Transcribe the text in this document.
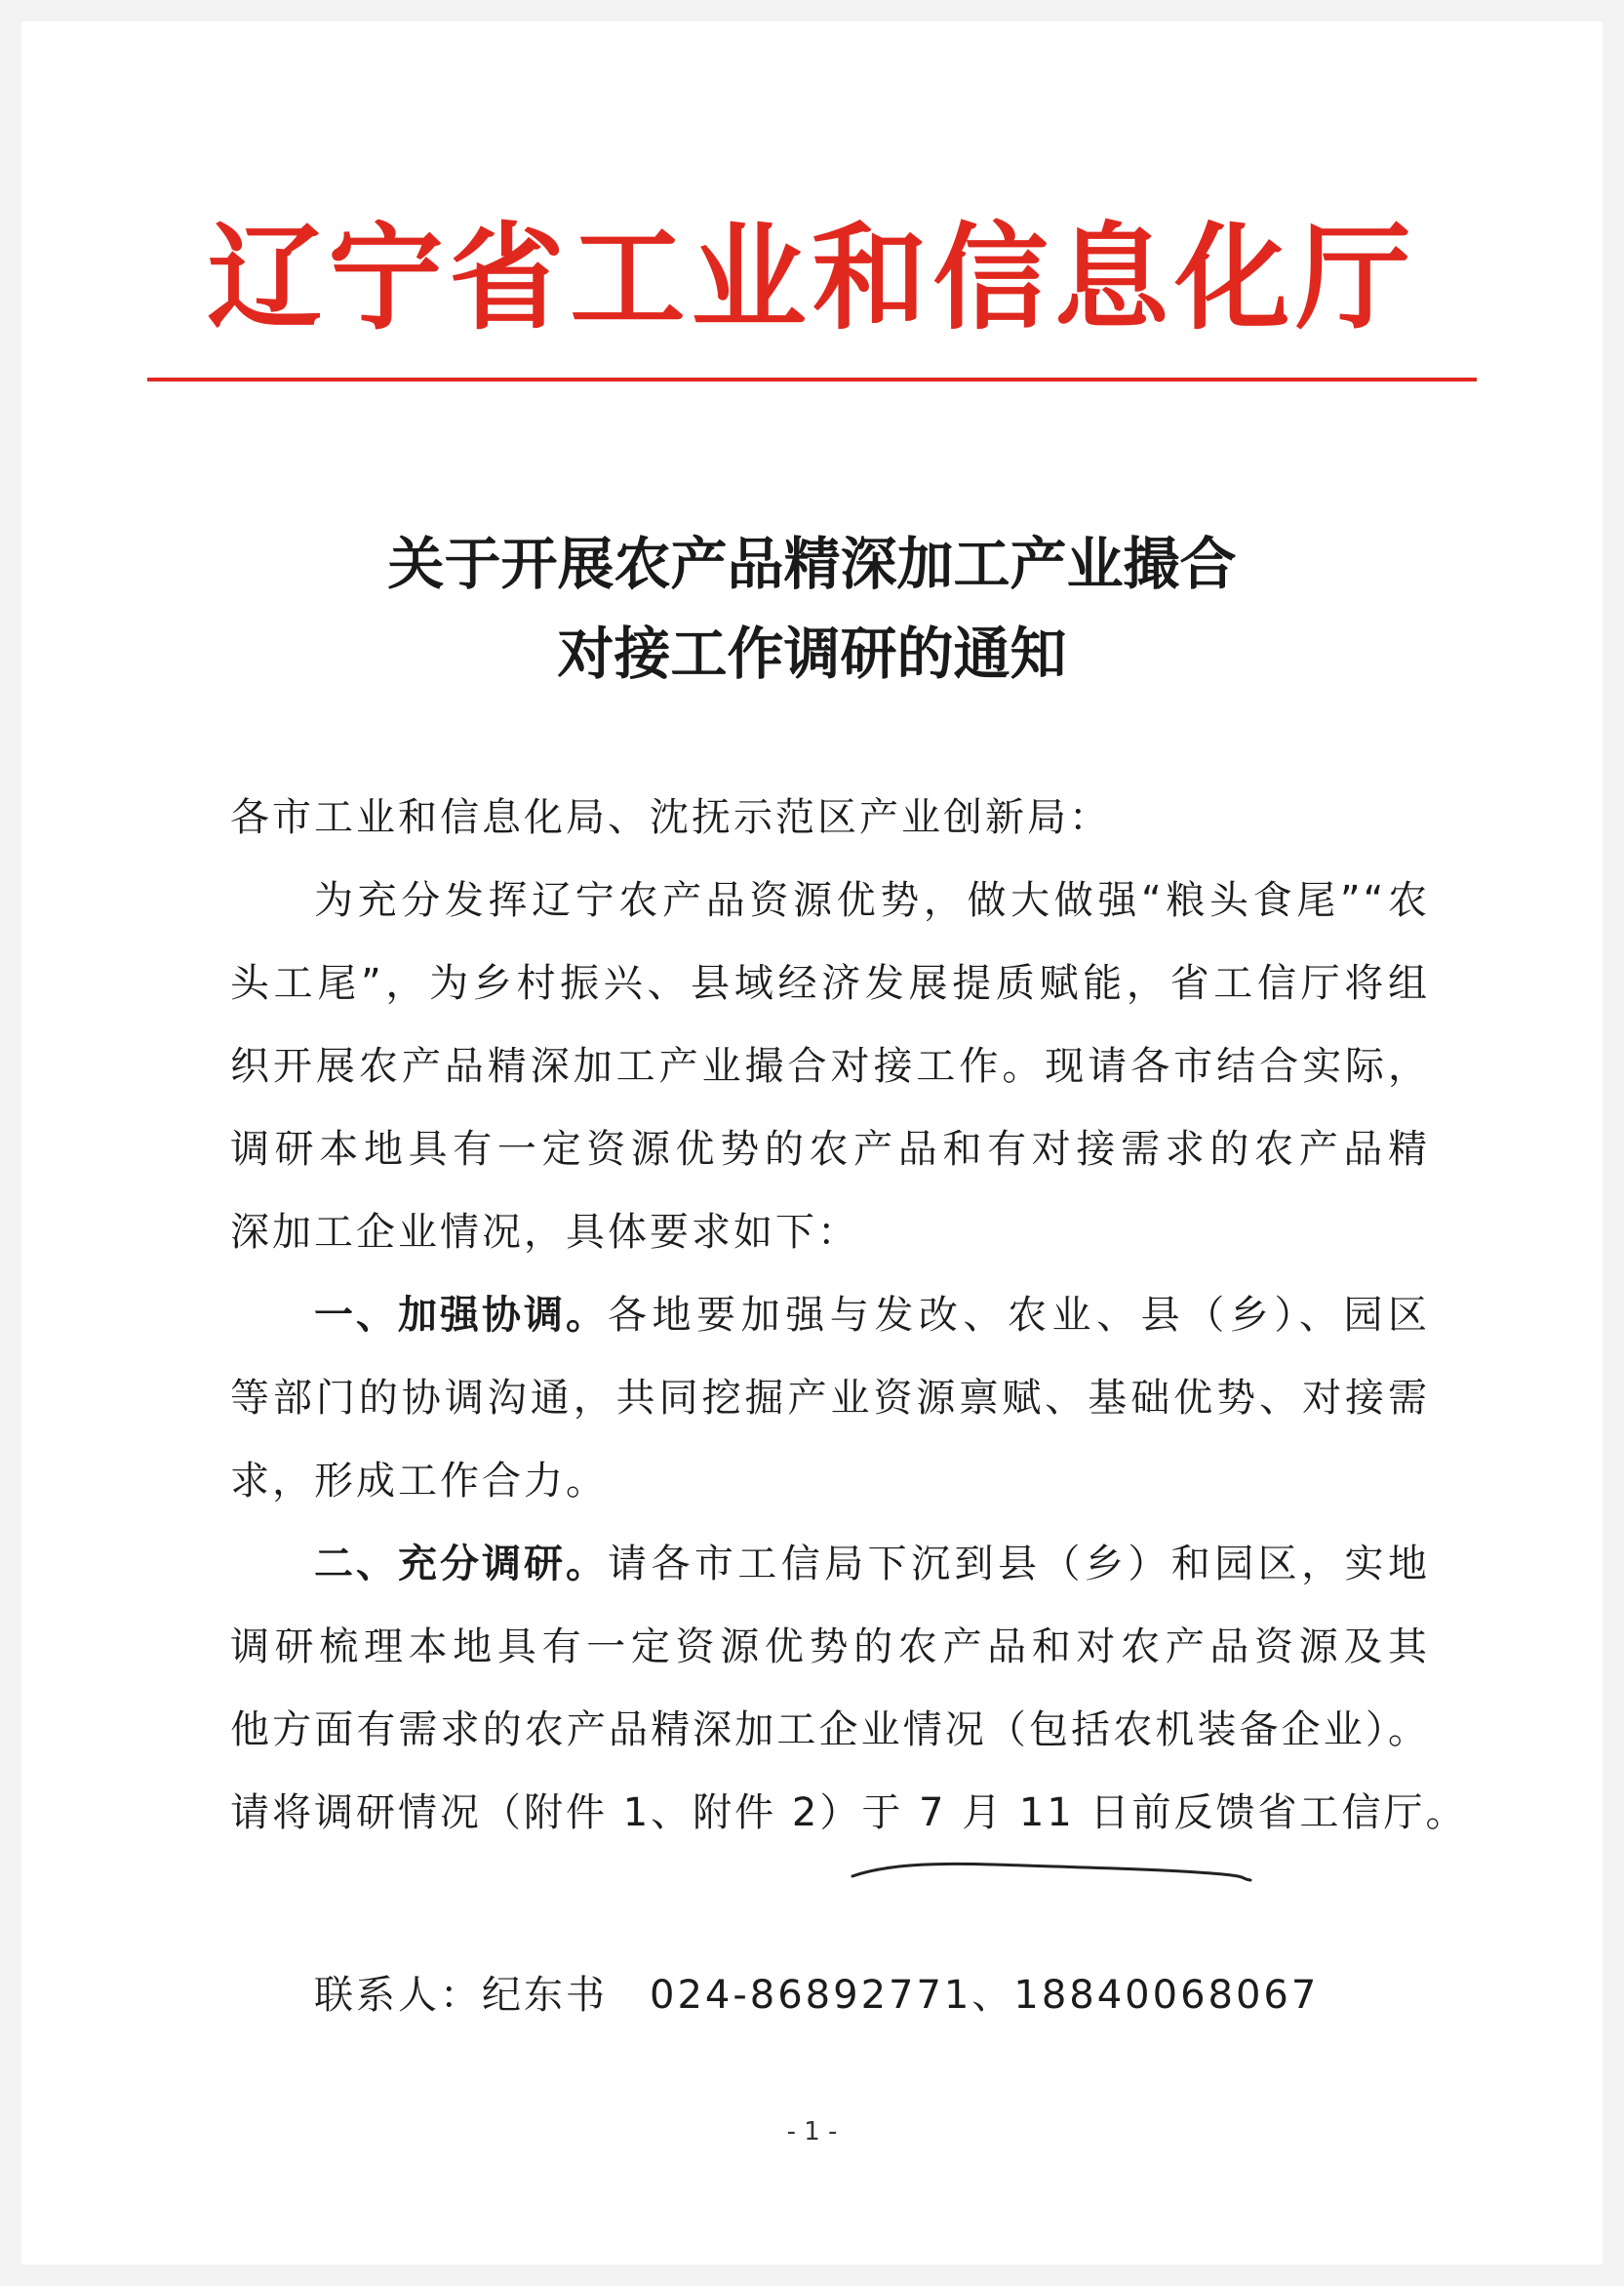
辽宁省工业和信息化厅
关于开展农产品精深加工产业撮合
对接工作调研的通知
各市工业和信息化局、沈抚示范区产业创新局：
为充分发挥辽宁农产品资源优势，做大做强“粮头食尾”“农
头工尾”，为乡村振兴、县域经济发展提质赋能，省工信厅将组
织开展农产品精深加工产业撮合对接工作。现请各市结合实际，
调研本地具有一定资源优势的农产品和有对接需求的农产品精
深加工企业情况，具体要求如下：
一、加强协调。 各地要加强与发改、农业、县（乡）、园区
等部门的协调沟通，共同挖掘产业资源禀赋、基础优势、对接需
求，形成工作合力。
二、充分调研。 请各市工信局下沉到县（乡）和园区，实地
调研梳理本地具有一定资源优势的农产品和对农产品资源及其
他方面有需求的农产品精深加工企业情况（包括农机装备企业）。
请将调研情况（附件 1、附件 2）于 7 月 11 日前反馈省工信厅。
联系人：纪东书　024-86892771、18840068067
- 1 -
